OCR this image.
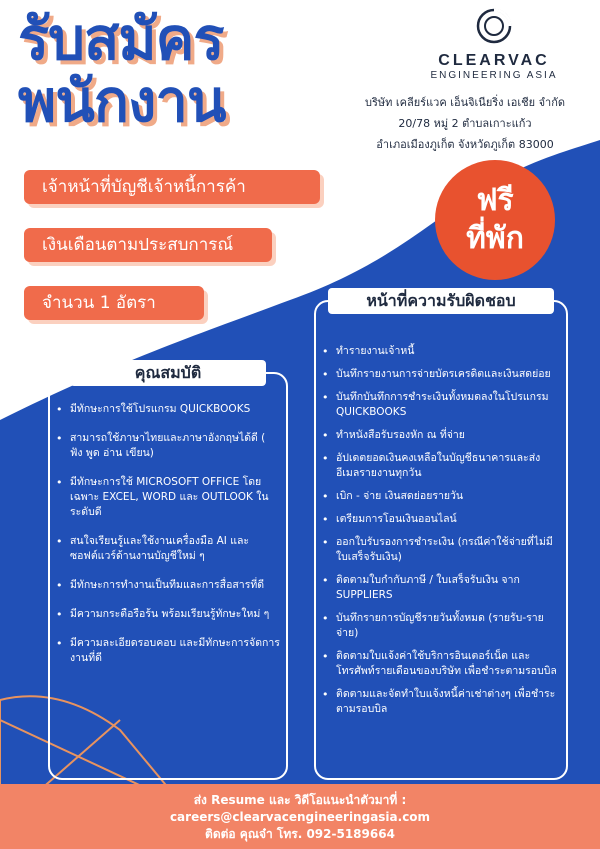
รับสมัคร
พนักงาน
CLEARVAC
ENGINEERING ASIA
บริษัท เคลียร์แวค เอ็นจิเนียริ่ง เอเชีย จำกัด
20/78 หมู่ 2 ตำบลเกาะแก้ว
อำเภอเมืองภูเก็ต จังหวัดภูเก็ต 83000
เจ้าหน้าที่บัญชีเจ้าหนี้การค้า
เงินเดือนตามประสบการณ์
จำนวน 1 อัตรา
ฟรี
ที่พัก
คุณสมบัติ
• มีทักษะการใช้โปรแกรม QUICKBOOKS
• สามารถใช้ภาษาไทยและภาษาอังกฤษได้ดี ( ฟัง พูด อ่าน เขียน)
• มีทักษะการใช้ MICROSOFT OFFICE โดยเฉพาะ EXCEL, WORD และ OUTLOOK ในระดับดี
• สนใจเรียนรู้และใช้งานเครื่องมือ AI และซอฟต์แวร์ด้านงานบัญชีใหม่ ๆ
• มีทักษะการทำงานเป็นทีมและการสื่อสารที่ดี
• มีความกระตือรือร้น พร้อมเรียนรู้ทักษะใหม่ ๆ
• มีความละเอียดรอบคอบ และมีทักษะการจัดการงานที่ดี
หน้าที่ความรับผิดชอบ
• ทำรายงานเจ้าหนี้
• บันทึกรายงานการจ่ายบัตรเครดิตและเงินสดย่อย
• บันทึกบันทึกการชำระเงินทั้งหมดลงในโปรแกรม QUICKBOOKS
• ทำหนังสือรับรองหัก ณ ที่จ่าย
• อัปเดตยอดเงินคงเหลือในบัญชีธนาคารและส่งอีเมลรายงานทุกวัน
• เบิก - จ่าย เงินสดย่อยรายวัน
• เตรียมการโอนเงินออนไลน์
• ออกใบรับรองการชำระเงิน (กรณีค่าใช้จ่ายที่ไม่มีใบเสร็จรับเงิน)
• ติดตามใบกำกับภาษี / ใบเสร็จรับเงิน จาก SUPPLIERS
• บันทึกรายการบัญชีรายวันทั้งหมด (รายรับ-รายจ่าย)
• ติดตามใบแจ้งค่าใช้บริการอินเตอร์เน็ต และโทรศัพท์รายเดือนของบริษัท เพื่อชำระตามรอบบิล
• ติดตามและจัดทำใบแจ้งหนี้ค่าเช่าต่างๆ เพื่อชำระตามรอบบิล
ส่ง Resume และ วิดีโอแนะนำตัวมาที่ :
careers@clearvacengineeringasia.com
ติดต่อ คุณจ๋า โทร. 092-5189664
